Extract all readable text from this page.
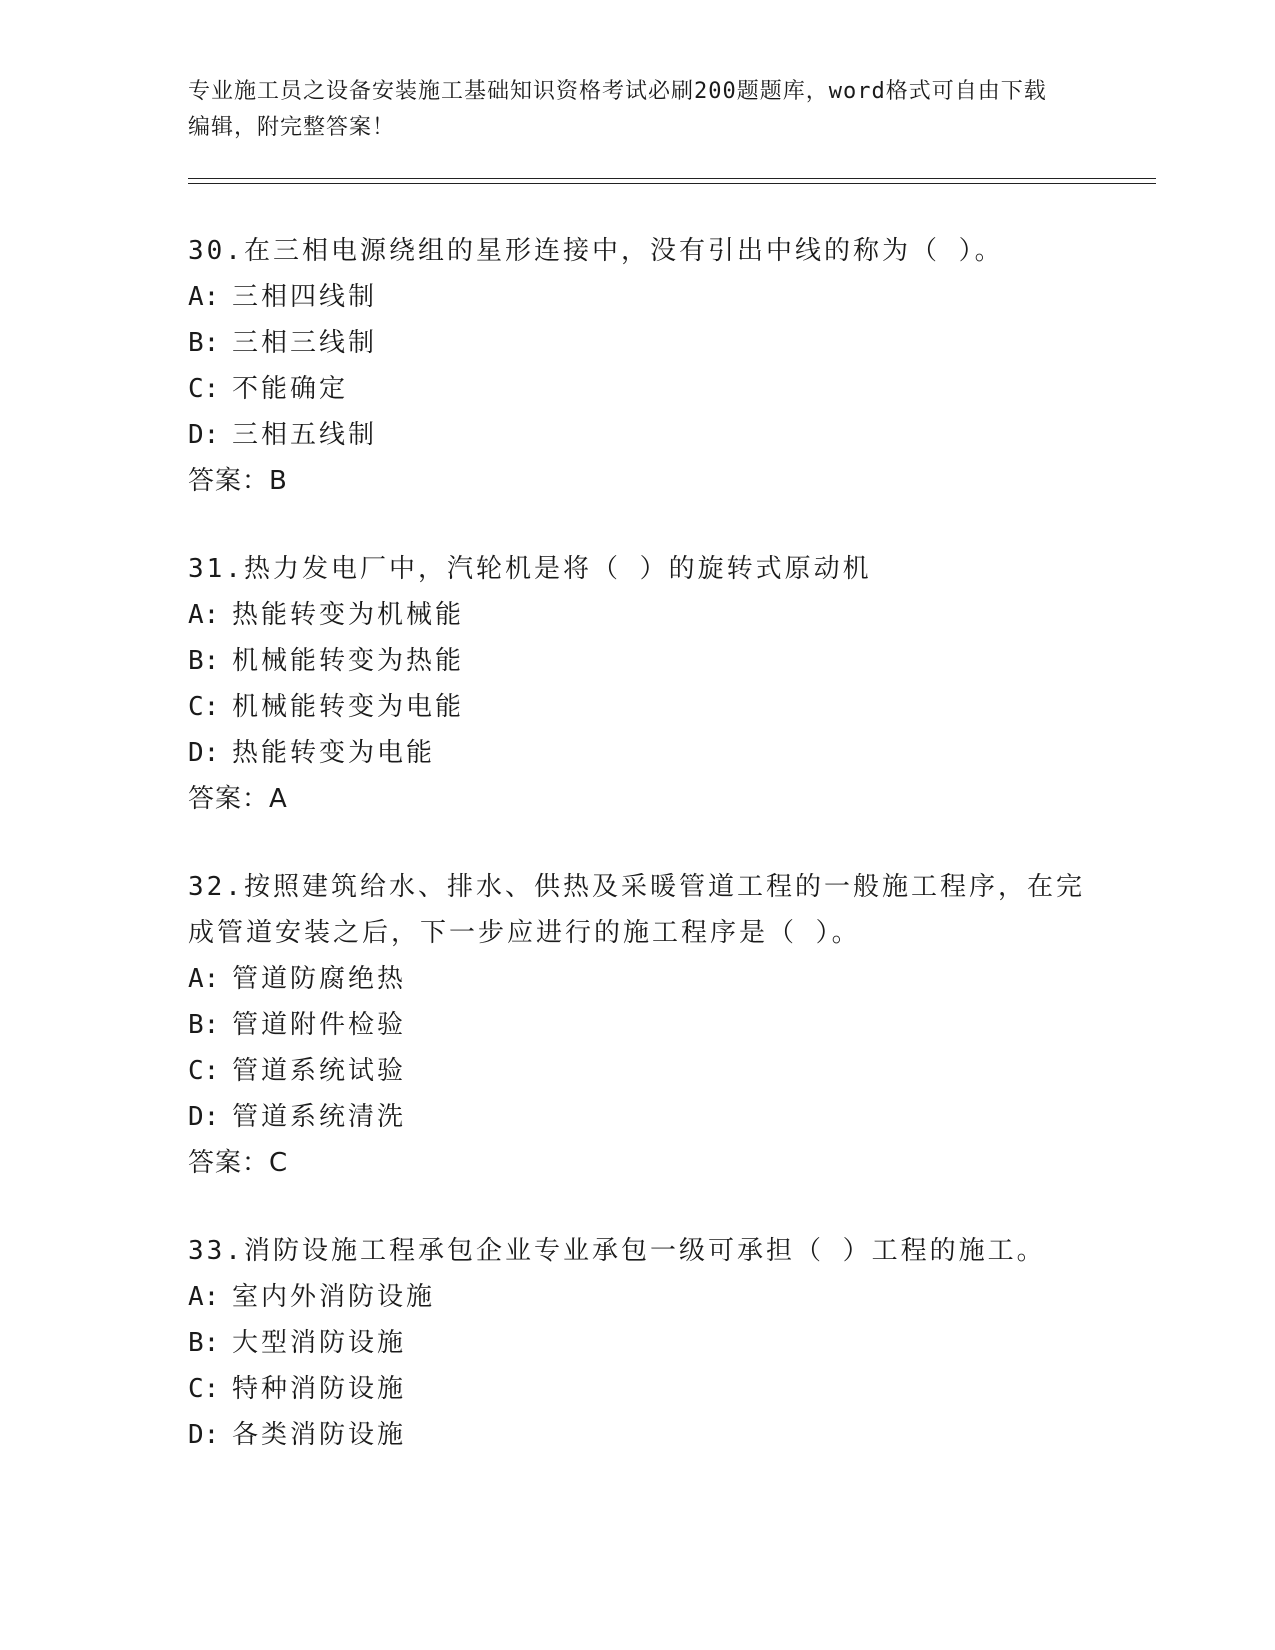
专业施工员之设备安装施工基础知识资格考试必刷200题题库，word格式可自由下载编辑，附完整答案！
30.在三相电源绕组的星形连接中，没有引出中线的称为（ ）。
A: 三相四线制
B: 三相三线制
C: 不能确定
D: 三相五线制
答案：B
31.热力发电厂中，汽轮机是将（ ）的旋转式原动机
A: 热能转变为机械能
B: 机械能转变为热能
C: 机械能转变为电能
D: 热能转变为电能
答案：A
32.按照建筑给水、排水、供热及采暖管道工程的一般施工程序，在完成管道安装之后，下一步应进行的施工程序是（ ）。
A: 管道防腐绝热
B: 管道附件检验
C: 管道系统试验
D: 管道系统清洗
答案：C
33.消防设施工程承包企业专业承包一级可承担（ ）工程的施工。
A: 室内外消防设施
B: 大型消防设施
C: 特种消防设施
D: 各类消防设施
